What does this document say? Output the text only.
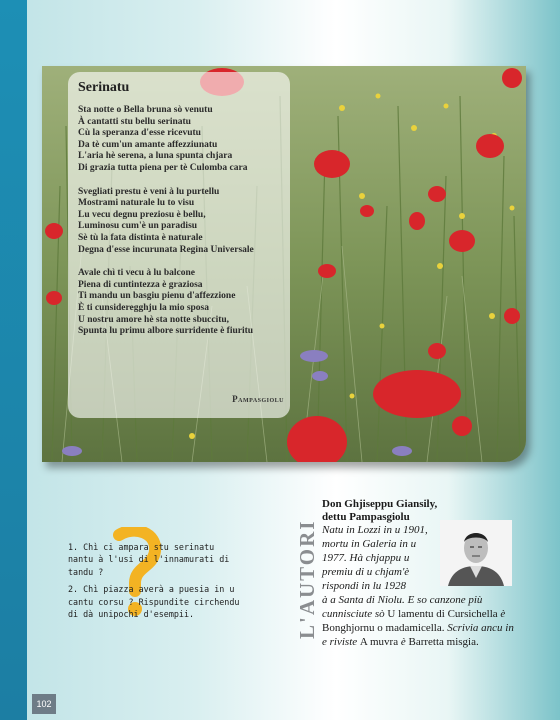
Serinatu
Sta notte o Bella bruna sò venutu
À cantatti stu bellu serinatu
Cù la speranza d'esse ricevutu
Da tè cum'un amante affezziunatu
L'aria hè serena, a luna spunta chjara
Di grazia tutta piena per tè Culomba cara
Svegliati prestu è veni à lu purtellu
Mostrami naturale lu to visu
Lu vecu degnu preziosu è bellu,
Luminosu cum'è un paradisu
Sè tù la fata distinta è naturale
Degna d'esse incurunata Regina Universale
Avale chì ti vecu à lu balcone
Piena di cuntintezza è graziosa
Ti mandu un basgiu pienu d'affezzione
È ti cunsideregghju la mio sposa
U nostru amore hè sta notte sbuccitu,
Spunta lu primu albore surridente è fiuritu
Pampasgiolu

1. Chì ci ampara stu serinatu nantu à l'usi di l'innamurati di tandu ?

2. Chì piazza averà a puesia in u cantu corsu ? Rispundite circhendu di dà unipochi d'esempii.	L'AUTORI
Don Ghjiseppu Giansily,
dettu Pampasgiolu
Natu in Lozzi in u 1901,
mortu in Galeria in u
1977. Hà chjappu u
premiu di u chjam'è
rispondi in lu 1928
à a Santa di Niolu. E so canzone più cunnisciute sò U lamentu di Cursichella è Bonghjornu o madamicella. Scrivia ancu in e riviste A muvra è Barretta misgia.
102
